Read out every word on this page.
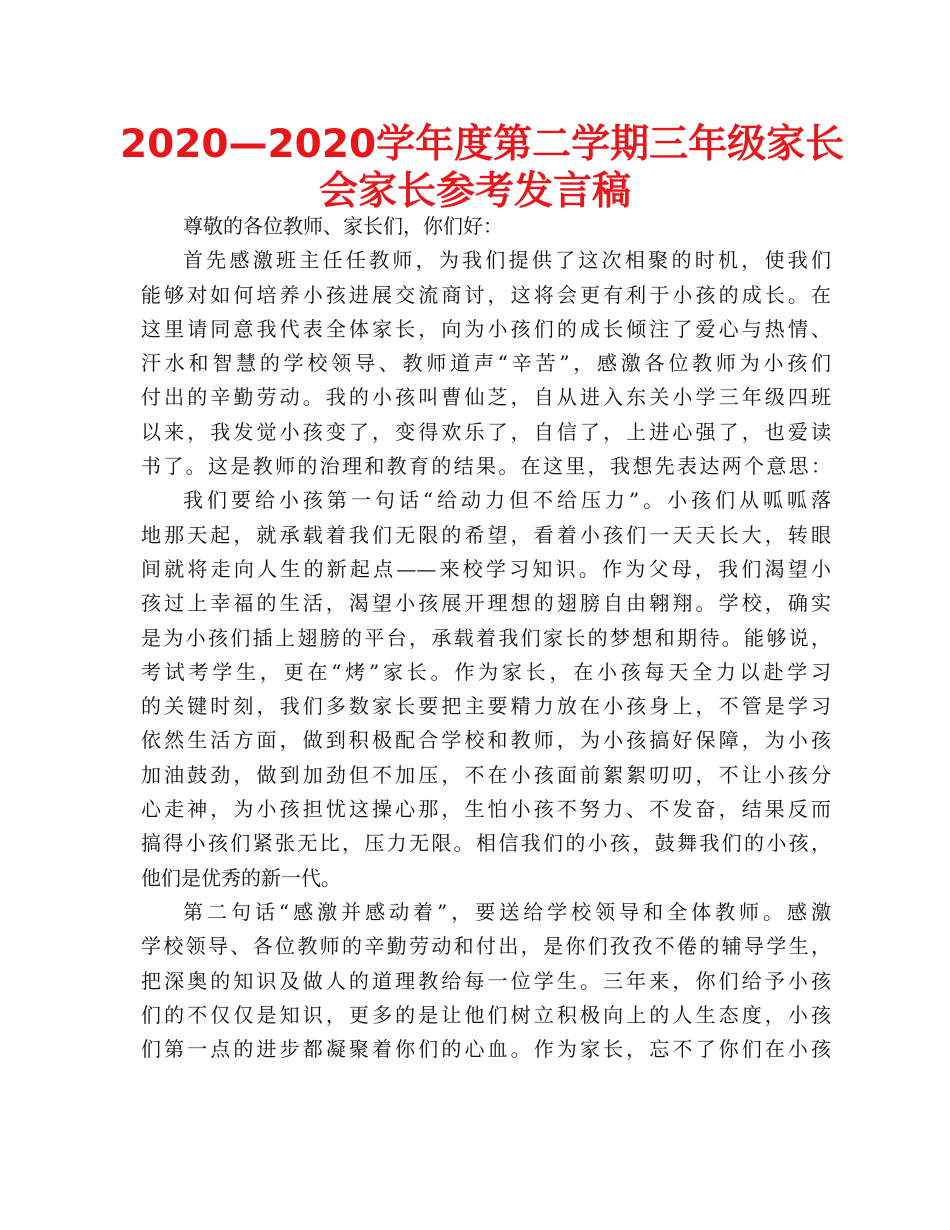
2020—2020学年度第二学期三年级家长
会家长参考发言稿
尊敬的各位教师、家长们，你们好：
首先感激班主任任教师，为我们提供了这次相聚的时机，使我们
能够对如何培养小孩进展交流商讨，这将会更有利于小孩的成长。在
这里请同意我代表全体家长，向为小孩们的成长倾注了爱心与热情、
汗水和智慧的学校领导、教师道声“辛苦”，感激各位教师为小孩们
付出的辛勤劳动。我的小孩叫曹仙芝，自从进入东关小学三年级四班
以来，我发觉小孩变了，变得欢乐了，自信了，上进心强了，也爱读
书了。这是教师的治理和教育的结果。在这里，我想先表达两个意思：
我们要给小孩第一句话“给动力但不给压力”。小孩们从呱呱落
地那天起，就承载着我们无限的希望，看着小孩们一天天长大，转眼
间就将走向人生的新起点——来校学习知识。作为父母，我们渴望小
孩过上幸福的生活，渴望小孩展开理想的翅膀自由翱翔。学校，确实
是为小孩们插上翅膀的平台，承载着我们家长的梦想和期待。能够说，
考试考学生，更在“烤”家长。作为家长，在小孩每天全力以赴学习
的关键时刻，我们多数家长要把主要精力放在小孩身上，不管是学习
依然生活方面，做到积极配合学校和教师，为小孩搞好保障，为小孩
加油鼓劲，做到加劲但不加压，不在小孩面前絮絮叨叨，不让小孩分
心走神，为小孩担忧这操心那，生怕小孩不努力、不发奋，结果反而
搞得小孩们紧张无比，压力无限。相信我们的小孩，鼓舞我们的小孩，
他们是优秀的新一代。
第二句话“感激并感动着”，要送给学校领导和全体教师。感激
学校领导、各位教师的辛勤劳动和付出，是你们孜孜不倦的辅导学生，
把深奥的知识及做人的道理教给每一位学生。三年来，你们给予小孩
们的不仅仅是知识，更多的是让他们树立积极向上的人生态度，小孩
们第一点的进步都凝聚着你们的心血。作为家长，忘不了你们在小孩
